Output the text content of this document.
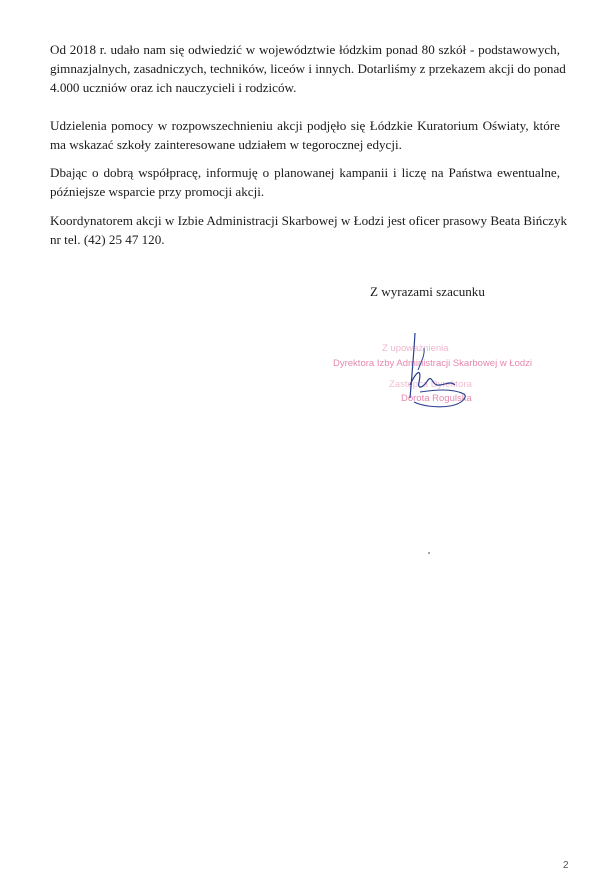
Od 2018 r. udało nam się odwiedzić w województwie łódzkim ponad 80 szkół - podstawowych,
gimnazjalnych, zasadniczych, techników, liceów i innych. Dotarliśmy z przekazem akcji do ponad
4.000 uczniów oraz ich nauczycieli i rodziców.

Udzielenia pomocy w rozpowszechnieniu akcji podjęło się Łódzkie Kuratorium Oświaty, które
ma wskazać szkoły zainteresowane udziałem w tegorocznej edycji.

Dbając o dobrą współpracę, informuję o planowanej kampanii i liczę na Państwa ewentualne,
późniejsze wsparcie przy promocji akcji.

Koordynatorem akcji w Izbie Administracji Skarbowej w Łodzi jest oficer prasowy Beata Bińczyk
nr tel. (42) 25 47 120.

Z wyrazami szacunku
Z upoważnienia
Dyrektora Izby Administracji Skarbowej w Łodzi
Zastępca Dyrektora
Dorota Rogulska
2
